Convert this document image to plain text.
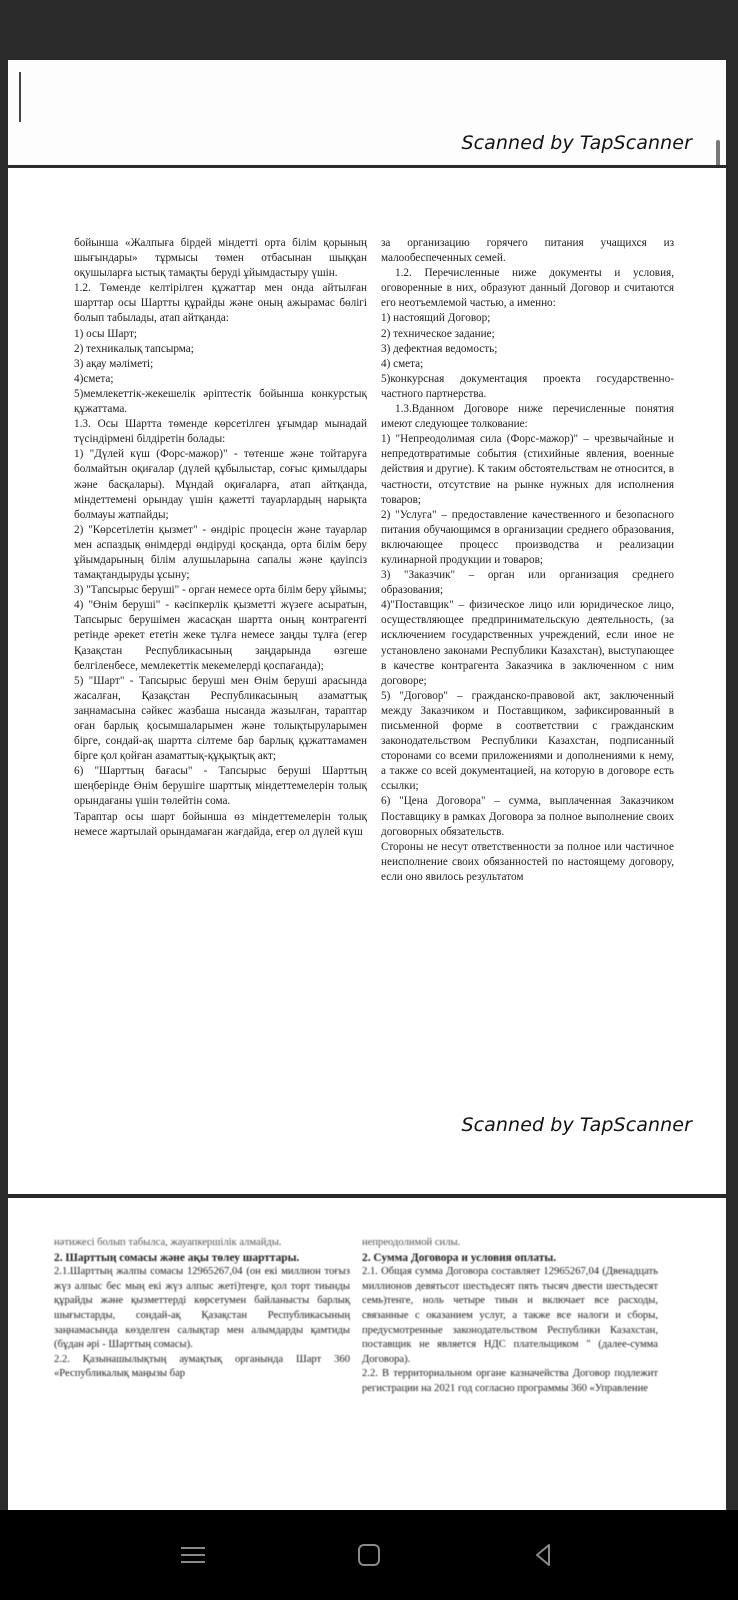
Scanned by TapScanner

бойынша «Жалпыға бірдей міндетті орта білім қорының шығындары» тұрмысы төмен отбасынан шыққан оқушыларға ыстық тамақты беруді ұйымдастыру үшін.

1.2. Төменде келтірілген құжаттар мен онда айтылған шарттар осы Шартты құрайды және оның ажырамас бөлігі болып табылады, атап айтқанда:

1) осы Шарт;

2) техникалық тапсырма;

3) ақау мәліметі;

4)смета;

5)мемлекеттік-жекешелік әріптестік бойынша конкурстық құжаттама.

1.3. Осы Шартта төменде көрсетілген ұғымдар мынадай түсіндірмені білдіретін болады:

1) "Дүлей күш (Форс-мажор)" - төтенше және тойтаруға болмайтын оқиғалар (дүлей құбылыстар, соғыс қимылдары және басқалары). Мұндай оқиғаларға, атап айтқанда, міндеттемені орындау үшін қажетті тауарлардың нарықта болмауы жатпайды;

2) "Көрсетілетін қызмет" - өндіріс процесін және тауарлар мен аспаздық өнімдерді өндіруді қосқанда, орта білім беру ұйымдарының білім алушыларына сапалы және қауіпсіз тамақтандыруды ұсыну;

3) "Тапсырыс беруші" - орган немесе орта білім беру ұйымы;

4) "Өнім беруші" - кәсіпкерлік қызметті жүзеге асыратын, Тапсырыс берушімен жасасқан шартта оның контрагенті ретінде әрекет ететін жеке тұлға немесе заңды тұлға (егер Қазақстан Республикасының заңдарында өзгеше белгіленбесе, мемлекеттік мекемелерді қоспағанда);

5) "Шарт" - Тапсырыс беруші мен Өнім беруші арасында жасалған, Қазақстан Республикасының азаматтық заңнамасына сәйкес жазбаша нысанда жазылған, тараптар оған барлық қосымшаларымен және толықтыруларымен бірге, сондай-ақ шартта сілтеме бар барлық құжаттамамен бірге қол қойған азаматтық-құқықтық акт;

6) "Шарттың бағасы" - Тапсырыс беруші Шарттың шеңберінде Өнім берушіге шарттық міндеттемелерін толық орындағаны үшін төлейтін сома.

Тараптар осы шарт бойынша өз міндеттемелерін толық немесе жартылай орындамаған жағдайда, егер ол дүлей күш

за организацию горячего питания учащихся из малообеспеченных семей.

1.2. Перечисленные ниже документы и условия, оговоренные в них, образуют данный Договор и считаются его неотъемлемой частью, а именно:

1) настоящий Договор;

2) техническое задание;

3) дефектная ведомость;

4) смета;

5)конкурсная документация проекта государственно-частного партнерства.

1.3.Вданном Договоре ниже перечисленные понятия имеют следующее толкование:

1) "Непреодолимая сила (Форс-мажор)" – чрезвычайные и непредотвратимые события (стихийные явления, военные действия и другие). К таким обстоятельствам не относится, в частности, отсутствие на рынке нужных для исполнения товаров;

2) "Услуга" – предоставление качественного и безопасного питания обучающимся в организации среднего образования, включающее процесс производства и реализации кулинарной продукции и товаров;

3) "Заказчик" – орган или организация среднего образования;

4)"Поставщик" – физическое лицо или юридическое лицо, осуществляющее предпринимательскую деятельность, (за исключением государственных учреждений, если иное не установлено законами Республики Казахстан), выступающее в качестве контрагента Заказчика в заключенном с ним договоре;

5) "Договор" – гражданско-правовой акт, заключенный между Заказчиком и Поставщиком, зафиксированный в письменной форме в соответствии с гражданским законодательством Республики Казахстан, подписанный сторонами со всеми приложениями и дополнениями к нему, а также со всей документацией, на которую в договоре есть ссылки;

6) "Цена Договора" – сумма, выплаченная Заказчиком Поставщику в рамках Договора за полное выполнение своих договорных обязательств.

Стороны не несут ответственности за полное или частичное неисполнение своих обязанностей по настоящему договору, если оно явилось результатом

Scanned by TapScanner

нәтижесі болып табылса, жауапкершілік алмайды.

2. Шарттың сомасы және ақы төлеу шарттары.

2.1.Шарттың жалпы сомасы 12965267,04 (он екі миллион тоғыз жүз алпыс бес мың екі жүз алпыс жеті)теңге, қол торт тиынды құрайды және қызметтерді көрсетумен байланысты барлық шығыстарды, сондай-ақ Қазақстан Республикасының заңнамасында көзделген салықтар мен алымдарды қамтиды (бұдан әрі - Шарттың сомасы).

2.2. Қазынашылықтың аумақтық органында Шарт 360 «Республикалық маңызы бар

непреодолимой силы.

2. Сумма Договора и условия оплаты.

2.1. Общая сумма Договора составляет 12965267,04 (Двенадцать миллионов девятьсот шестьдесят пять тысяч двести шестьдесят семь)тенге, ноль четыре тиын и включает все расходы, связанные с оказанием услуг, а также все налоги и сборы, предусмотренные законодательством Республики Казахстан, поставщик не является НДС плательщиком " (далее-сумма Договора).

2.2. В территориальном органе казначейства Договор подлежит регистрации на 2021 год согласно программы 360 «Управление
